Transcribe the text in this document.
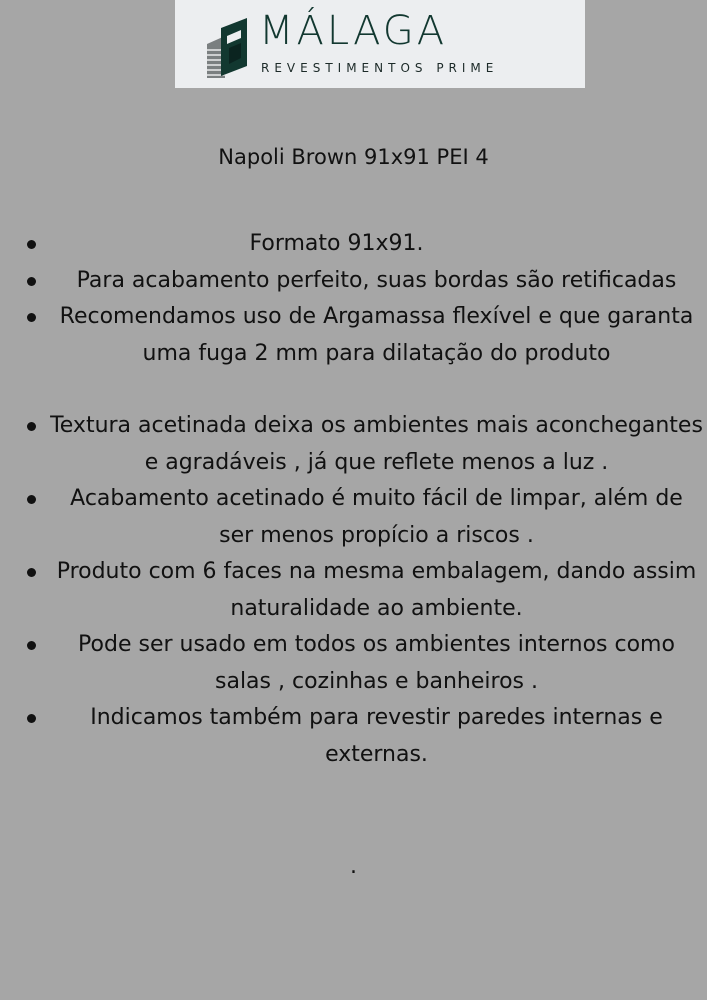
MÁLAGA
REVESTIMENTOS PRIME
Napoli Brown 91x91 PEI 4
Formato 91x91.
Para acabamento perfeito, suas bordas são retificadas
Recomendamos uso de Argamassa flexível e que garanta uma fuga 2 mm para dilatação do produto
Textura acetinada deixa os ambientes mais aconchegantes e agradáveis , já que reflete menos a luz .
Acabamento acetinado é muito fácil de limpar, além de ser menos propício a riscos .
Produto com 6 faces na mesma embalagem, dando assim naturalidade ao ambiente.
Pode ser usado em todos os ambientes internos como salas , cozinhas e banheiros .
Indicamos também para revestir paredes internas e externas.
.
